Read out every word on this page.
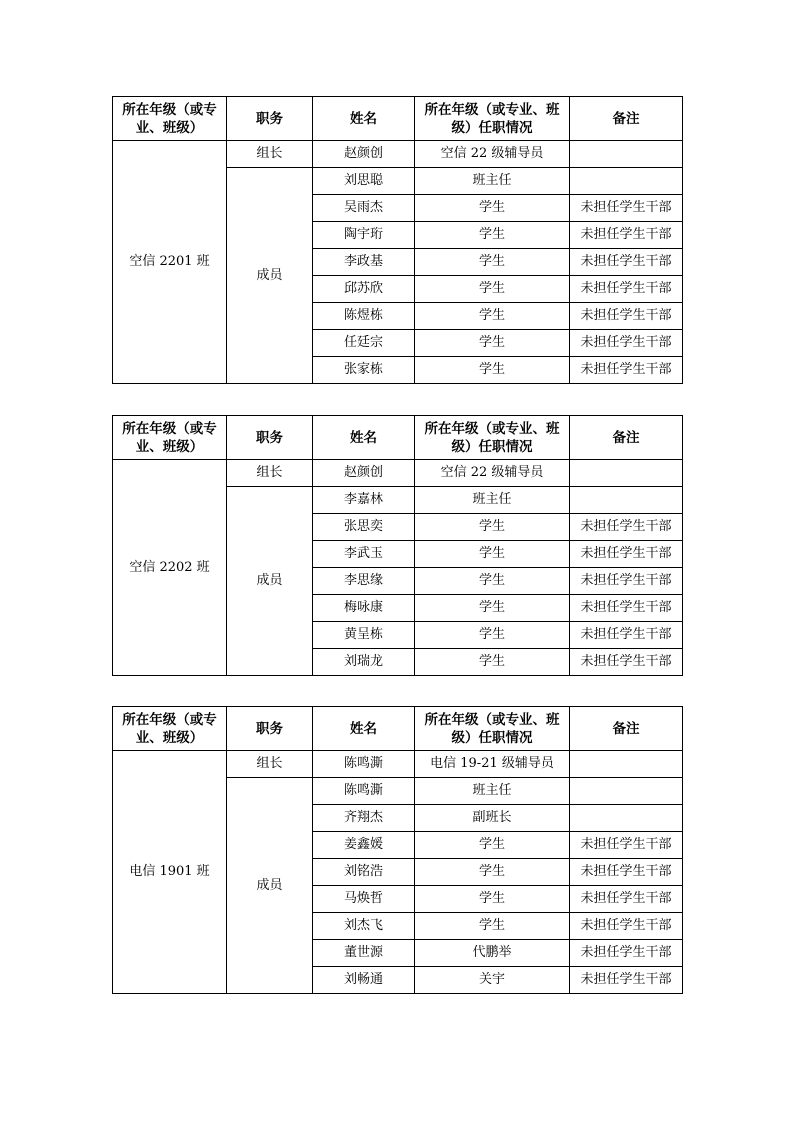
所在年级（或专业、班级）	职务	姓名	所在年级（或专业、班级）任职情况	备注
空信 2201 班	组长	赵颜创	空信 22 级辅导员	
	成员	刘思聪	班主任	
		吴雨杰	学生	未担任学生干部
		陶宇珩	学生	未担任学生干部
		李政基	学生	未担任学生干部
		邱苏欣	学生	未担任学生干部
		陈煜栋	学生	未担任学生干部
		任廷宗	学生	未担任学生干部
		张家栋	学生	未担任学生干部
所在年级（或专业、班级）	职务	姓名	所在年级（或专业、班级）任职情况	备注
空信 2202 班	组长	赵颜创	空信 22 级辅导员	
	成员	李嘉林	班主任	
		张思奕	学生	未担任学生干部
		李武玉	学生	未担任学生干部
		李思缘	学生	未担任学生干部
		梅咏康	学生	未担任学生干部
		黄呈栋	学生	未担任学生干部
		刘瑞龙	学生	未担任学生干部
所在年级（或专业、班级）	职务	姓名	所在年级（或专业、班级）任职情况	备注
电信 1901 班	组长	陈鸣澌	电信 19-21 级辅导员	
	成员	陈鸣澌	班主任	
		齐翔杰	副班长	
		姜鑫媛	学生	未担任学生干部
		刘铭浩	学生	未担任学生干部
		马焕哲	学生	未担任学生干部
		刘杰飞	学生	未担任学生干部
		董世源	代鹏举	未担任学生干部
		刘畅通	关宇	未担任学生干部
